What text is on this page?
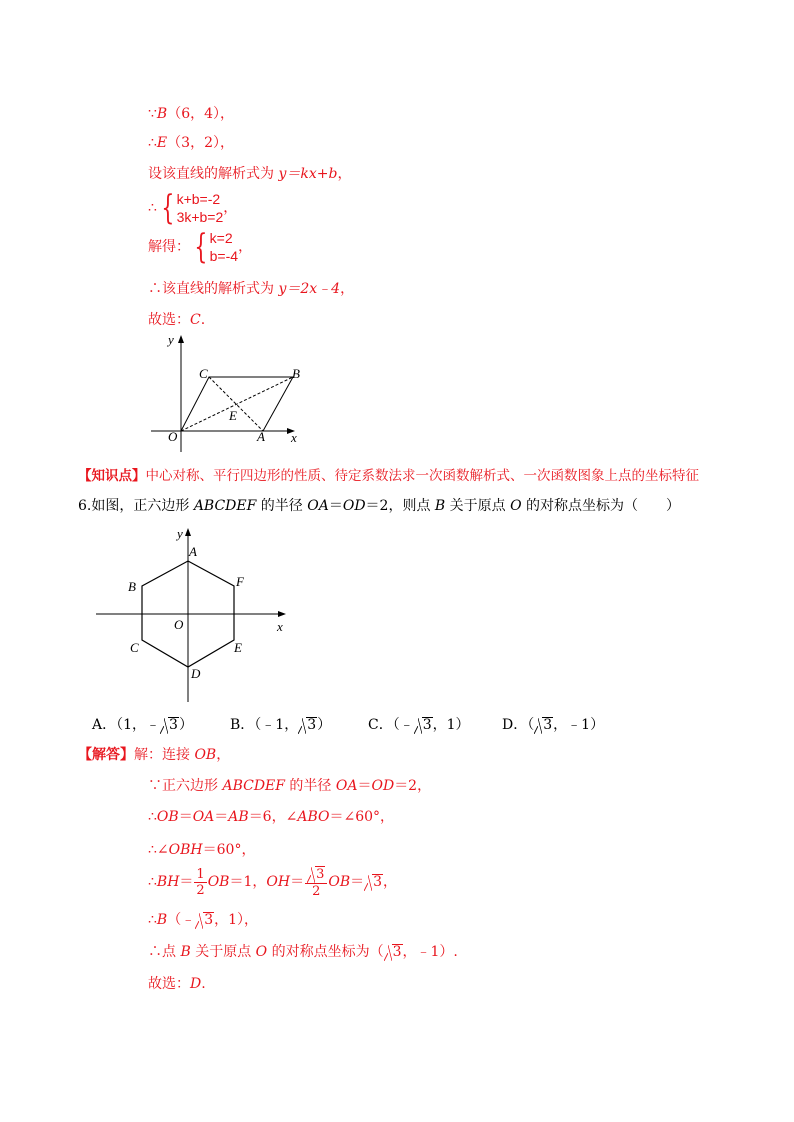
∵B（6，4），
∴E（3，2），
设该直线的解析式为 y＝kx+b，
∴ { k+b=-2
3k+b=2
，
解得： { k=2
b=-4
，
∴该直线的解析式为 y＝2x﹣4，
故选：C.
y
x
O	A
B
C
E
【知识点】中心对称、平行四边形的性质、待定系数法求一次函数解析式、一次函数图象上点的坐标特征
6.如图，正六边形 ABCDEF 的半径 OA＝OD＝2，则点 B 关于原点 O 的对称点坐标为（　　）
y
x
O
A
F
B
C
D
E
A．（1，﹣ 3）	B．（﹣1， 3）	C．（﹣ 3，1） D．（ 3，﹣1）
【解答】解：连接 OB，
∵正六边形 ABCDEF 的半径 OA＝OD＝2，
∴OB＝OA＝AB＝6，∠ABO＝∠60°，
∴∠OBH＝60°，
∴BH＝ $\frac{1}{2} OB=1$，$OH= \frac{3}{2} OB= 3$，
∴B（﹣ 3，1），
∴点 B 关于原点 O 的对称点坐标为（ 3，﹣1）.
故选：D.
